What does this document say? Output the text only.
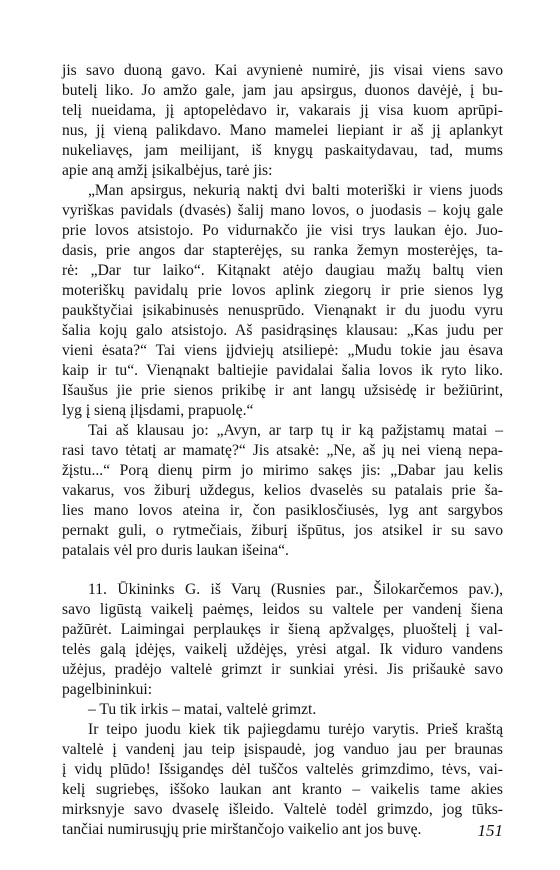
jis savo duoną gavo. Kai avynienė numirė, jis visai viens savo
butelį liko. Jo amžo gale, jam jau apsirgus, duonos davėjė, į bu-
telį nueidama, jį aptopelėdavo ir, vakarais jį visa kuom aprūpi-
nus, jį vieną palikdavo. Mano mamelei liepiant ir aš jį aplankyt
nukeliavęs, jam meilijant, iš knygų paskaitydavau, tad, mums
apie aną amžį įsikalbėjus, tarė jis:
„Man apsirgus, nekurią naktį dvi balti moteriški ir viens juods
vyriškas pavidals (dvasės) šalij mano lovos, o juodasis – kojų gale
prie lovos atsistojo. Po vidurnakčo jie visi trys laukan ėjo. Juo-
dasis, prie angos dar stapterėjęs, su ranka žemyn mosterėjęs, ta-
rė: „Dar tur laiko“. Kitąnakt atėjo daugiau mažų baltų vien
moteriškų pavidalų prie lovos aplink ziegorų ir prie sienos lyg
paukštyčiai įsikabinusės nenusprūdo. Vienąnakt ir du juodu vyru
šalia kojų galo atsistojo. Aš pasidrąsinęs klausau: „Kas judu per
vieni ėsata?“ Tai viens įjdviejų atsiliepė: „Mudu tokie jau ėsava
kaip ir tu“. Vienąnakt baltiejie pavidalai šalia lovos ik ryto liko.
Išaušus jie prie sienos prikibę ir ant langų užsisėdę ir bežiūrint,
lyg į sieną įlįsdami, prapuolę.“
Tai aš klausau jo: „Avyn, ar tarp tų ir ką pažįstamų matai –
rasi tavo tėtatį ar mamatę?“ Jis atsakė: „Ne, aš jų nei vieną nepa-
žįstu...“ Porą dienų pirm jo mirimo sakęs jis: „Dabar jau kelis
vakarus, vos žiburį uždegus, kelios dvaselės su patalais prie ša-
lies mano lovos ateina ir, čon pasiklosčiusės, lyg ant sargybos
pernakt guli, o rytmečiais, žiburį išpūtus, jos atsikel ir su savo
patalais vėl pro duris laukan išeina“.
11. Ūkininks G. iš Varų (Rusnies par., Šilokarčemos pav.),
savo ligūstą vaikelį paėmęs, leidos su valtele per vandenį šiena
pažūrėt. Laimingai perplaukęs ir šieną apžvalgęs, pluoštelį į val-
telės galą įdėjęs, vaikelį uždėjęs, yrėsi atgal. Ik viduro vandens
užėjus, pradėjo valtelė grimzt ir sunkiai yrėsi. Jis prišaukė savo
pagelbininkui:
– Tu tik irkis – matai, valtelė grimzt.
Ir teipo juodu kiek tik pajiegdamu turėjo varytis. Prieš kraštą
valtelė į vandenį jau teip įsispaudė, jog vanduo jau per braunas
į vidų plūdo! Išsigandęs dėl tuščos valtelės grimzdimo, tėvs, vai-
kelį sugriebęs, iššoko laukan ant kranto – vaikelis tame akies
mirksnyje savo dvaselę išleido. Valtelė todėl grimzdo, jog tūks-
tančiai numirusųjų prie mirštančojo vaikelio ant jos buvę.	151
